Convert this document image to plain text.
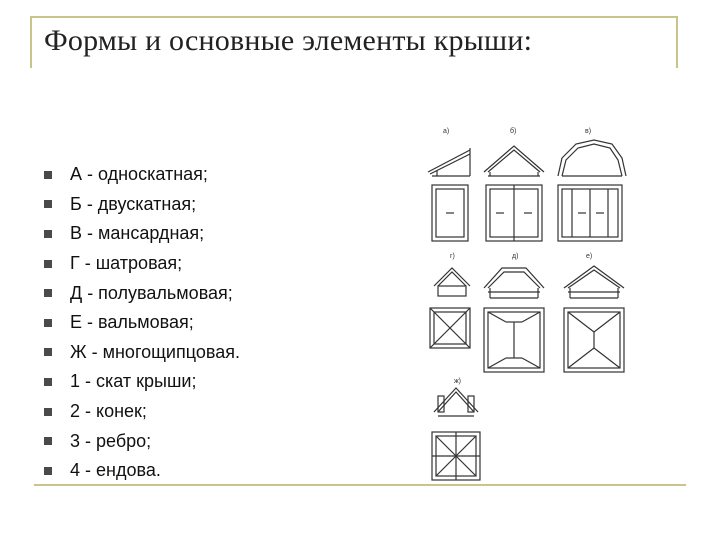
Формы и основные элементы крыши:
А - односкатная;
Б - двускатная;
В - мансардная;
Г - шатровая;
Д - полувальмовая;
Е - вальмовая;
Ж - многощипцовая.
1 - скат крыши;
2 - конек;
3 - ребро;
4 - ендова.
а)	б)	в)
г)	д)	е)
ж)
